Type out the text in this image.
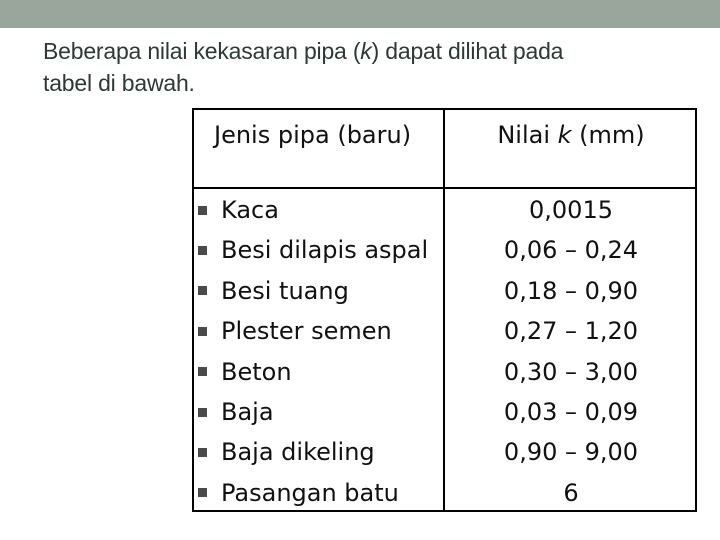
Beberapa nilai kekasaran pipa (k) dapat dilihat pada
tabel di bawah.
Jenis pipa (baru)	Nilai k (mm)
Kaca
Besi dilapis aspal
Besi tuang
Plester semen
Beton
Baja
Baja dikeling
Pasangan batu
0,0015
0,06 – 0,24
0,18 – 0,90
0,27 – 1,20
0,30 – 3,00
0,03 – 0,09
0,90 – 9,00
6
